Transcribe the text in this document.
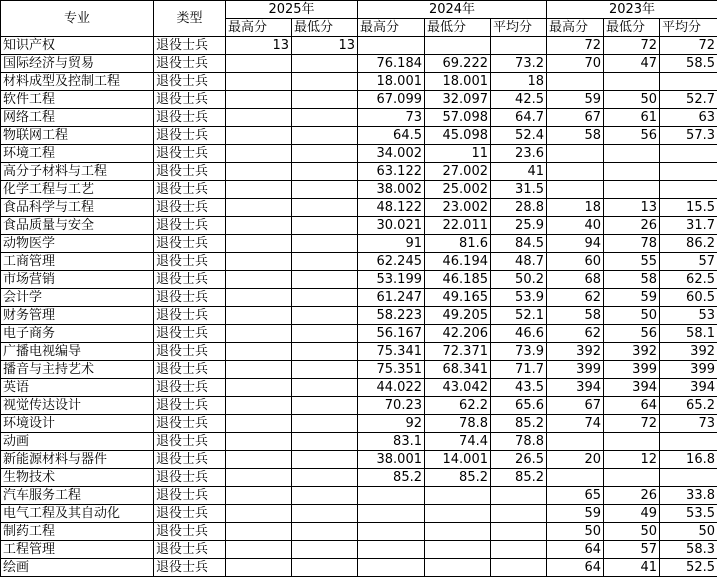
专业	类型	2025年		2024年			2023年		
		最高分	最低分	最高分	最低分	平均分	最高分	最低分	平均分
知识产权	退役士兵	13	13				72	72	72
国际经济与贸易	退役士兵			76.184	69.222	73.2	70	47	58.5
材料成型及控制工程	退役士兵			18.001	18.001	18			
软件工程	退役士兵			67.099	32.097	42.5	59	50	52.7
网络工程	退役士兵			73	57.098	64.7	67	61	63
物联网工程	退役士兵			64.5	45.098	52.4	58	56	57.3
环境工程	退役士兵			34.002	11	23.6			
高分子材料与工程	退役士兵			63.122	27.002	41			
化学工程与工艺	退役士兵			38.002	25.002	31.5			
食品科学与工程	退役士兵			48.122	23.002	28.8	18	13	15.5
食品质量与安全	退役士兵			30.021	22.011	25.9	40	26	31.7
动物医学	退役士兵			91	81.6	84.5	94	78	86.2
工商管理	退役士兵			62.245	46.194	48.7	60	55	57
市场营销	退役士兵			53.199	46.185	50.2	68	58	62.5
会计学	退役士兵			61.247	49.165	53.9	62	59	60.5
财务管理	退役士兵			58.223	49.205	52.1	58	50	53
电子商务	退役士兵			56.167	42.206	46.6	62	56	58.1
广播电视编导	退役士兵			75.341	72.371	73.9	392	392	392
播音与主持艺术	退役士兵			75.351	68.341	71.7	399	399	399
英语	退役士兵			44.022	43.042	43.5	394	394	394
视觉传达设计	退役士兵			70.23	62.2	65.6	67	64	65.2
环境设计	退役士兵			92	78.8	85.2	74	72	73
动画	退役士兵			83.1	74.4	78.8			
新能源材料与器件	退役士兵			38.001	14.001	26.5	20	12	16.8
生物技术	退役士兵			85.2	85.2	85.2			
汽车服务工程	退役士兵						65	26	33.8
电气工程及其自动化	退役士兵						59	49	53.5
制药工程	退役士兵						50	50	50
工程管理	退役士兵						64	57	58.3
绘画	退役士兵						64	41	52.5
